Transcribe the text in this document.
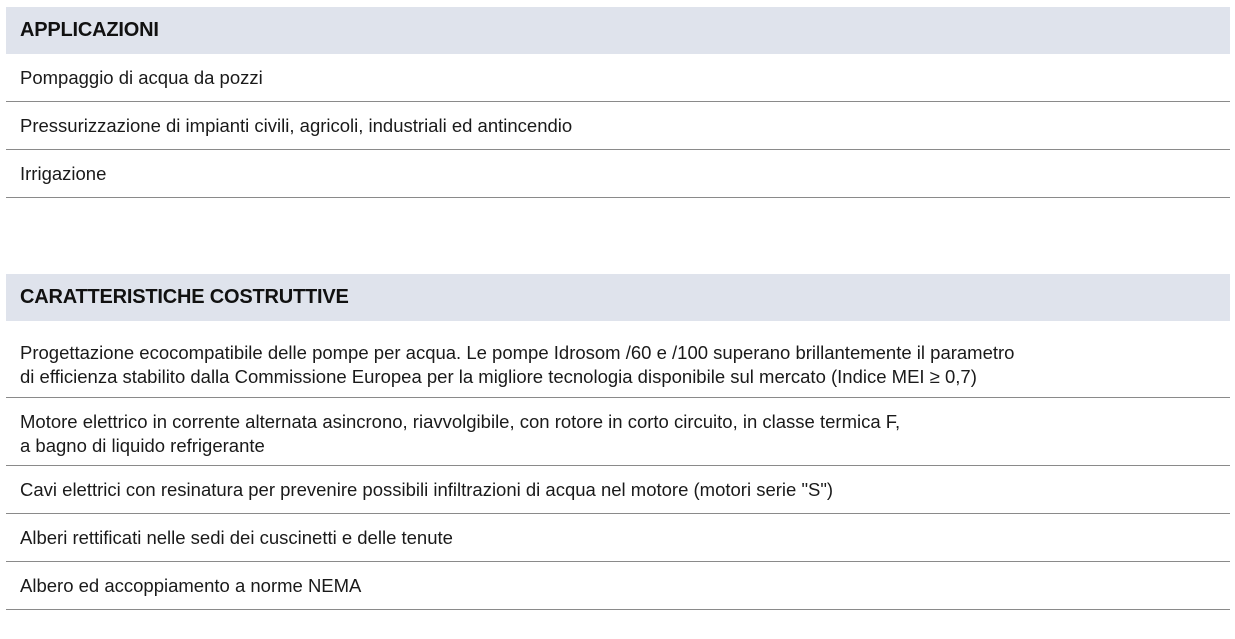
APPLICAZIONI
Pompaggio di acqua da pozzi
Pressurizzazione di impianti civili, agricoli, industriali ed antincendio
Irrigazione
CARATTERISTICHE COSTRUTTIVE
Progettazione ecocompatibile delle pompe per acqua. Le pompe Idrosom /60 e /100 superano brillantemente il parametro
di efficienza stabilito dalla Commissione Europea per la migliore tecnologia disponibile sul mercato (Indice MEI ≥ 0,7)
Motore elettrico in corrente alternata asincrono, riavvolgibile, con rotore in corto circuito, in classe termica F,
a bagno di liquido refrigerante
Cavi elettrici con resinatura per prevenire possibili infiltrazioni di acqua nel motore (motori serie "S")
Alberi rettificati nelle sedi dei cuscinetti e delle tenute
Albero ed accoppiamento a norme NEMA
